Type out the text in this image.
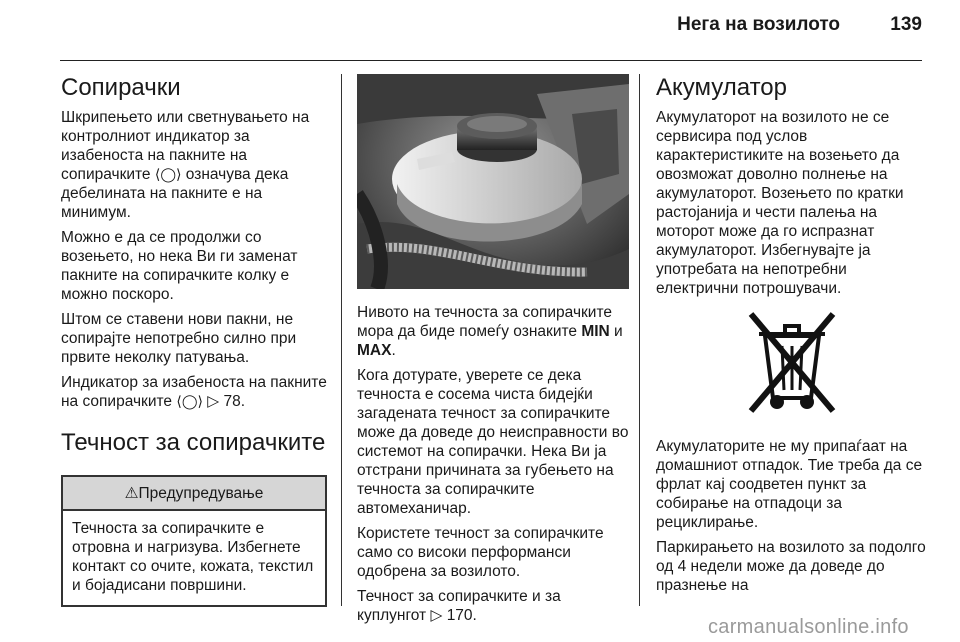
Нега на возилото	139
Сопирачки

Шкрипењето или светнувањето на контролниот индикатор за изабеноста на пакните на сопирачките ⟨◯⟩ означува дека дебелината на пакните е на минимум.

Можно е да се продолжи со возењето, но нека Ви ги заменат пакните на сопирачките колку е можно поскоро.

Штом се ставени нови пакни, не сопирајте непотребно силно при првите неколку патувања.

Индикатор за изабеноста на пакните на сопирачките ⟨◯⟩ ▷ 78.

Течност за сопирачките
⚠Предупредување
Течноста за сопирачките е отровна и нагризува. Избегнете контакт со очите, кожата, текстил и бојадисани површини.

Нивото на течноста за сопирачките мора да биде помеѓу ознаките MIN и MAX.

Кога дотурате, уверете се дека течноста е сосема чиста бидејќи загадената течност за сопирачките може да доведе до неисправности во системот на сопирачки. Нека Ви ја отстрани причината за губењето на течноста за сопирачките автомеханичар.

Користете течност за сопирачките само со високи перформанси одобрена за возилото.

Течност за сопирачките и за куплунгот ▷ 170.

Акумулатор

Акумулаторот на возилото не се сервисира под услов карактеристиките на возењето да овозможат доволно полнење на акумулаторот. Возењето по кратки растојанија и чести палења на моторот може да го испразнат акумулаторот. Избегнувајте ја употребата на непотребни електрични потрошувачи.

Акумулаторите не му припаѓаат на домашниот отпадок. Тие треба да се фрлат кај соодветен пункт за собирање на отпадоци за рециклирање.

Паркирањето на возилото за подолго од 4 недели може да доведе до празнење на

carmanualsonline.info
